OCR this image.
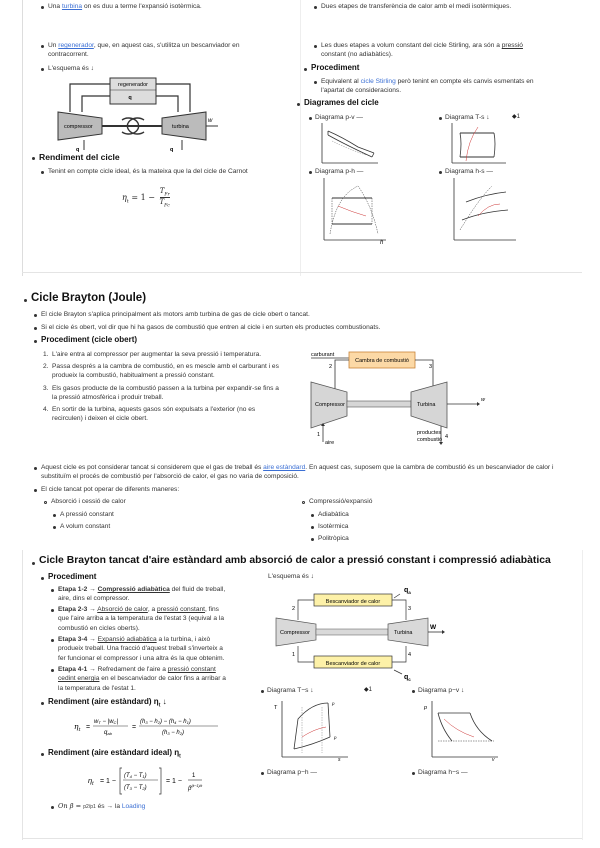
Una turbina on es duu a terme l'expansió isotèrmica.
Un regenerador, que, en aquest cas, s'utilitza un bescanviador en
contracorrent.
L'esquema és ↓
regenerador
q
compressor	turbina
w
q	q
Rendiment del cicle
Tenint en compte cicle ideal, és la mateixa que la del cicle de Carnot
$\eta_t = 1$ −
$T_{Fr}$
$T_{Fc}$
Dues etapes de transferència de calor amb el medi isotèrmiques.
Les dues etapes a volum constant del cicle Stirling, ara són a pressió
constant (no adiabàtics).
Procediment
Equivalent al cicle Stirling però tenint en compte els canvis esmentats en
l'apartat de consideracions.
Diagrames del cicle
Diagrama p-v —	Diagrama T-s ↓	◆1
Diagrama p-h —	Diagrama h-s —
h
Cicle Brayton (Joule)
El cicle Brayton s'aplica principalment als motors amb turbina de gas de cicle obert o tancat.
Si el cicle és obert, vol dir que hi ha gasos de combustió que entren al cicle i en surten els productes combustionats.
Procediment (cicle obert)
1. L'aire entra al compressor per augmentar la seva pressió i temperatura.
2. Passa després a la cambra de combustió, en es mescle amb el carburant i es
produeix la combustió, habitualment a pressió constant.
3. Els gasos producte de la combustió passen a la turbina per expandir-se fins a
la pressió atmosfèrica i produir treball.
4. En sortir de la turbina, aquests gasos són expulsats a l'exterior (no es
recirculen) i deixen el cicle obert.
carburant
Cambra de combustió
2	3
Compressor	Turbina
w
1
aire
4
productes
combustió
Aquest cicle es pot considerar tancat si considerem que el gas de treball és aire estàndard. En aquest cas, suposem que la cambra de combustió és un bescanviador de calor i
substituïm el procés de combustió per l'absorció de calor, el gas no varia de composició.
El cicle tancat pot operar de diferents maneres:
Absorció i cessió de calor
A pressió constant
A volum constant
Compressió/expansió
Adiabàtica
Isotèrmica
Politròpica
Cicle Brayton tancat d'aire estàndard amb absorció de calor a pressió constant i compressió adiabàtica
Procediment	L'esquema és ↓
Etapa 1-2 → Compressió adiabàtica del fluid de treball,
aire, dins el compressor.
Etapa 2-3 → Absorció de calor, a pressió constant, fins
que l'aire arriba a la temperatura de l'estat 3 (equival a la
combustió en cicles oberts).
Etapa 3-4 → Expansió adiabàtica a la turbina, i això
produeix treball. Una fracció d'aquest treball s'inverteix a
fer funcionar el compressor i una altra és la que obtenim.
Etapa 4-1 → Refredament de l'aire a pressió constant
cedint energia en el bescanviador de calor fins a arribar a
la temperatura de l'estat 1.
Rendiment (aire estàndard) $\eta_t$ ↓
$\eta_t$ =
wT − |wC|
qab
=
(h3 − h2) − (h4 − h1)
(h3 − h2)
Rendiment (aire estàndard ideal) $\eta_t$
$\eta_t = 1$ −
(T4 − T1)
(T3 − T2)
= 1 −
1
$\beta^{(k-1)/k}$
On β = p2/p1 és → la Loading
$q_a$
Bescanviador de calor
2	3
Compressor	Turbina
W
1	4
Bescanviador de calor
$q_c$
Diagrama T−s ↓	◆1	Diagrama p−v ↓
T
p
p
s
p
v
Diagrama p−h —	Diagrama h−s —
